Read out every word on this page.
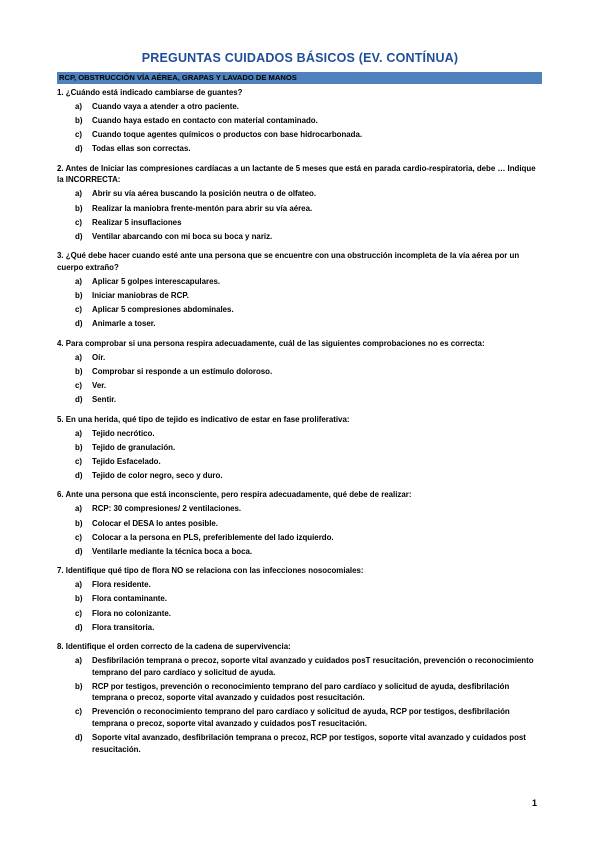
PREGUNTAS CUIDADOS BÁSICOS (EV. CONTÍNUA)
RCP, OBSTRUCCIÓN VÍA AÉREA, GRAPAS Y LAVADO DE MANOS
1. ¿Cuándo está indicado cambiarse de guantes?
a)	Cuando vaya a atender a otro paciente.
b)	Cuando haya estado en contacto con material contaminado.
c)	Cuando toque agentes químicos o productos con base hidrocarbonada.
d)	Todas ellas son correctas.
2. Antes de Iniciar las compresiones cardíacas a un lactante de 5 meses que está en parada cardio-respiratoria, debe … Indique la INCORRECTA:
a)	Abrir su vía aérea buscando la posición neutra o de olfateo.
b)	Realizar la maniobra frente-mentón para abrir su vía aérea.
c)	Realizar 5 insuflaciones
d)	Ventilar abarcando con mi boca su boca y nariz.
3. ¿Qué debe hacer cuando esté ante una persona que se encuentre con una obstrucción incompleta de la vía aérea por un cuerpo extraño?
a)	Aplicar 5 golpes interescapulares.
b)	Iniciar maniobras de RCP.
c)	Aplicar 5 compresiones abdominales.
d)	Animarle a toser.
4. Para comprobar si una persona respira adecuadamente, cuál de las siguientes comprobaciones no es correcta:
a)	Oír.
b)	Comprobar si responde a un estímulo doloroso.
c)	Ver.
d)	Sentir.
5. En una herida, qué tipo de tejido es indicativo de estar en fase proliferativa:
a)	Tejido necrótico.
b)	Tejido de granulación.
c)	Tejido Esfacelado.
d)	Tejido de color negro, seco y duro.
6. Ante una persona que está inconsciente, pero respira adecuadamente, qué debe de realizar:
a)	RCP: 30 compresiones/ 2 ventilaciones.
b)	Colocar el DESA lo antes posible.
c)	Colocar a la persona en PLS, preferiblemente del lado izquierdo.
d)	Ventilarle mediante la técnica boca a boca.
7. Identifique qué tipo de flora NO se relaciona con las infecciones nosocomiales:
a)	Flora residente.
b)	Flora contaminante.
c)	Flora no colonizante.
d)	Flora transitoria.
8. Identifique el orden correcto de la cadena de supervivencia:
a)	Desfibrilación temprana o precoz, soporte vital avanzado y cuidados posT resucitación, prevención o reconocimiento temprano del paro cardíaco y solicitud de ayuda.
b)	RCP por testigos, prevención o reconocimiento temprano del paro cardíaco y solicitud de ayuda, desfibrilación temprana o precoz, soporte vital avanzado y cuidados post resucitación.
c)	Prevención o reconocimiento temprano del paro cardíaco y solicitud de ayuda, RCP por testigos, desfibrilación temprana o precoz, soporte vital avanzado y cuidados posT resucitación.
d)	Soporte vital avanzado, desfibrilación temprana o precoz, RCP por testigos, soporte vital avanzado y cuidados post resucitación.
1
